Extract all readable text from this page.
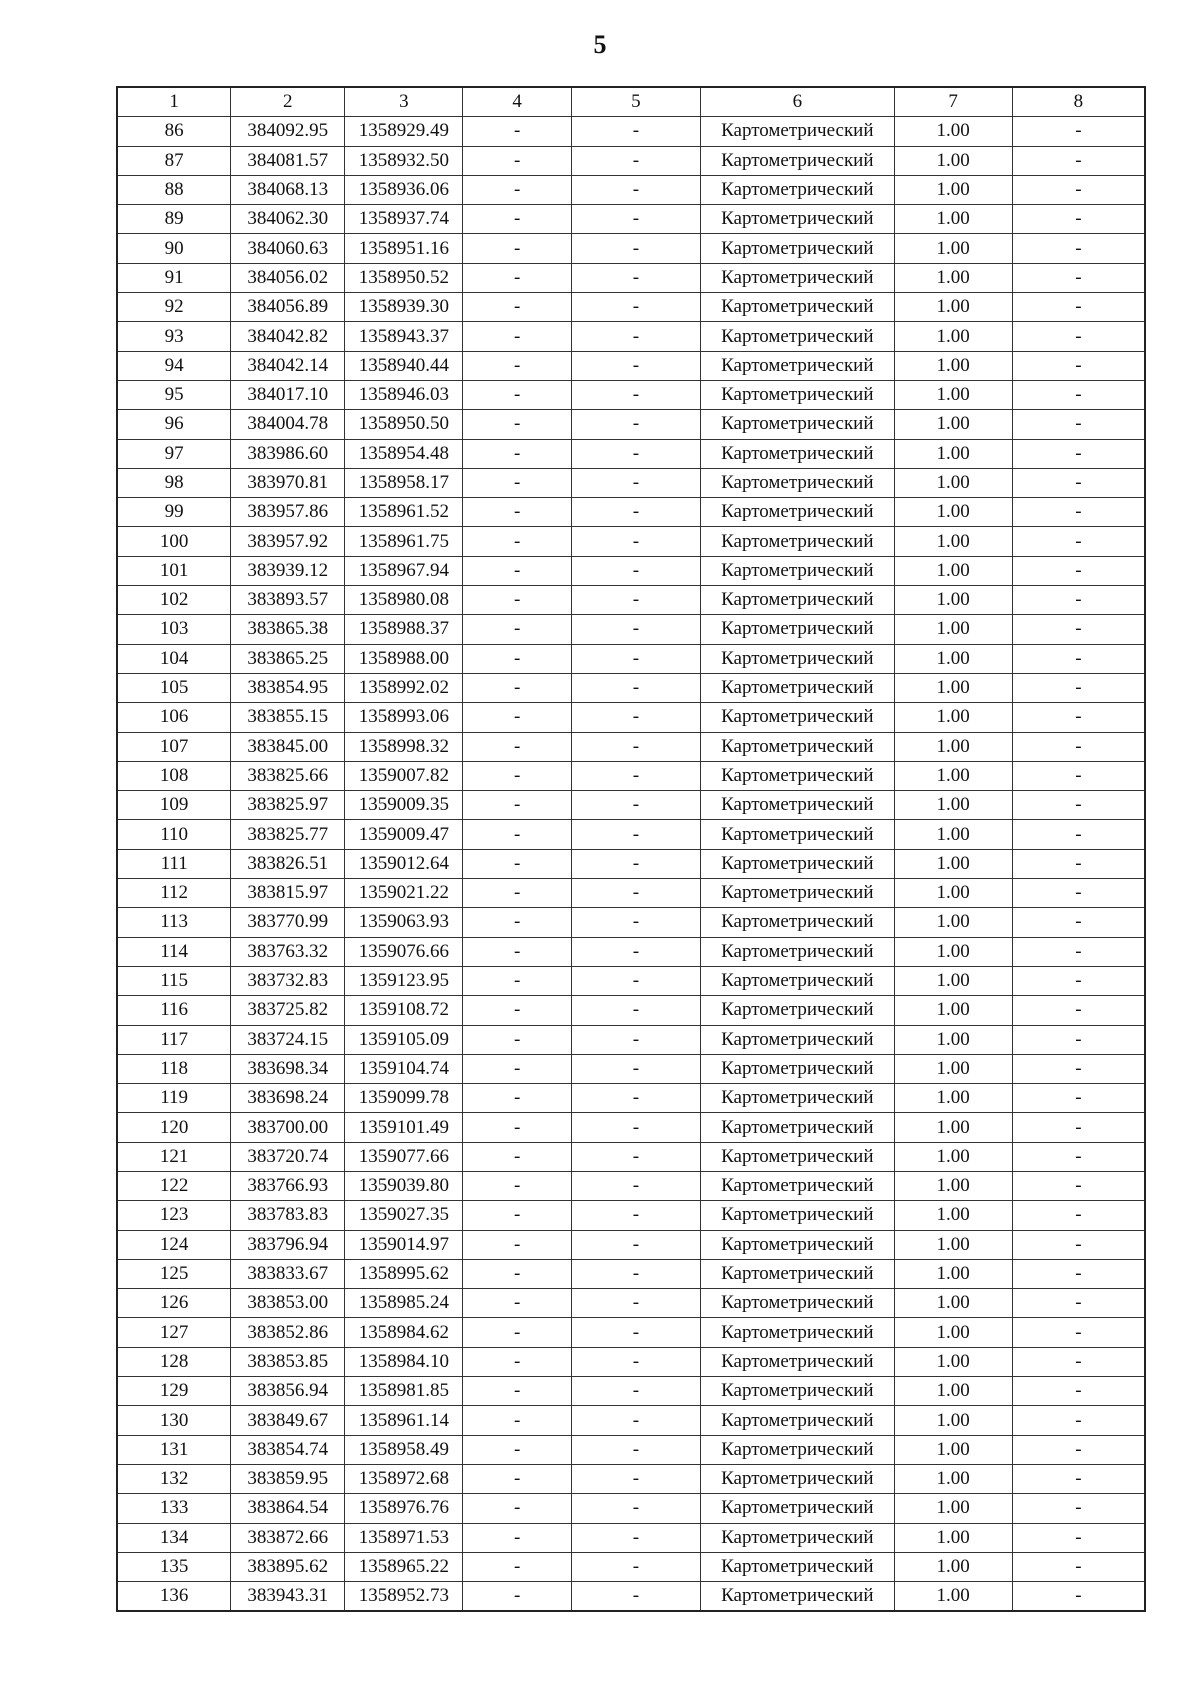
5
1	2	3	4	5	6	7	8
86	384092.95	1358929.49	-	-	Картометрический	1.00	-
87	384081.57	1358932.50	-	-	Картометрический	1.00	-
88	384068.13	1358936.06	-	-	Картометрический	1.00	-
89	384062.30	1358937.74	-	-	Картометрический	1.00	-
90	384060.63	1358951.16	-	-	Картометрический	1.00	-
91	384056.02	1358950.52	-	-	Картометрический	1.00	-
92	384056.89	1358939.30	-	-	Картометрический	1.00	-
93	384042.82	1358943.37	-	-	Картометрический	1.00	-
94	384042.14	1358940.44	-	-	Картометрический	1.00	-
95	384017.10	1358946.03	-	-	Картометрический	1.00	-
96	384004.78	1358950.50	-	-	Картометрический	1.00	-
97	383986.60	1358954.48	-	-	Картометрический	1.00	-
98	383970.81	1358958.17	-	-	Картометрический	1.00	-
99	383957.86	1358961.52	-	-	Картометрический	1.00	-
100	383957.92	1358961.75	-	-	Картометрический	1.00	-
101	383939.12	1358967.94	-	-	Картометрический	1.00	-
102	383893.57	1358980.08	-	-	Картометрический	1.00	-
103	383865.38	1358988.37	-	-	Картометрический	1.00	-
104	383865.25	1358988.00	-	-	Картометрический	1.00	-
105	383854.95	1358992.02	-	-	Картометрический	1.00	-
106	383855.15	1358993.06	-	-	Картометрический	1.00	-
107	383845.00	1358998.32	-	-	Картометрический	1.00	-
108	383825.66	1359007.82	-	-	Картометрический	1.00	-
109	383825.97	1359009.35	-	-	Картометрический	1.00	-
110	383825.77	1359009.47	-	-	Картометрический	1.00	-
111	383826.51	1359012.64	-	-	Картометрический	1.00	-
112	383815.97	1359021.22	-	-	Картометрический	1.00	-
113	383770.99	1359063.93	-	-	Картометрический	1.00	-
114	383763.32	1359076.66	-	-	Картометрический	1.00	-
115	383732.83	1359123.95	-	-	Картометрический	1.00	-
116	383725.82	1359108.72	-	-	Картометрический	1.00	-
117	383724.15	1359105.09	-	-	Картометрический	1.00	-
118	383698.34	1359104.74	-	-	Картометрический	1.00	-
119	383698.24	1359099.78	-	-	Картометрический	1.00	-
120	383700.00	1359101.49	-	-	Картометрический	1.00	-
121	383720.74	1359077.66	-	-	Картометрический	1.00	-
122	383766.93	1359039.80	-	-	Картометрический	1.00	-
123	383783.83	1359027.35	-	-	Картометрический	1.00	-
124	383796.94	1359014.97	-	-	Картометрический	1.00	-
125	383833.67	1358995.62	-	-	Картометрический	1.00	-
126	383853.00	1358985.24	-	-	Картометрический	1.00	-
127	383852.86	1358984.62	-	-	Картометрический	1.00	-
128	383853.85	1358984.10	-	-	Картометрический	1.00	-
129	383856.94	1358981.85	-	-	Картометрический	1.00	-
130	383849.67	1358961.14	-	-	Картометрический	1.00	-
131	383854.74	1358958.49	-	-	Картометрический	1.00	-
132	383859.95	1358972.68	-	-	Картометрический	1.00	-
133	383864.54	1358976.76	-	-	Картометрический	1.00	-
134	383872.66	1358971.53	-	-	Картометрический	1.00	-
135	383895.62	1358965.22	-	-	Картометрический	1.00	-
136	383943.31	1358952.73	-	-	Картометрический	1.00	-
